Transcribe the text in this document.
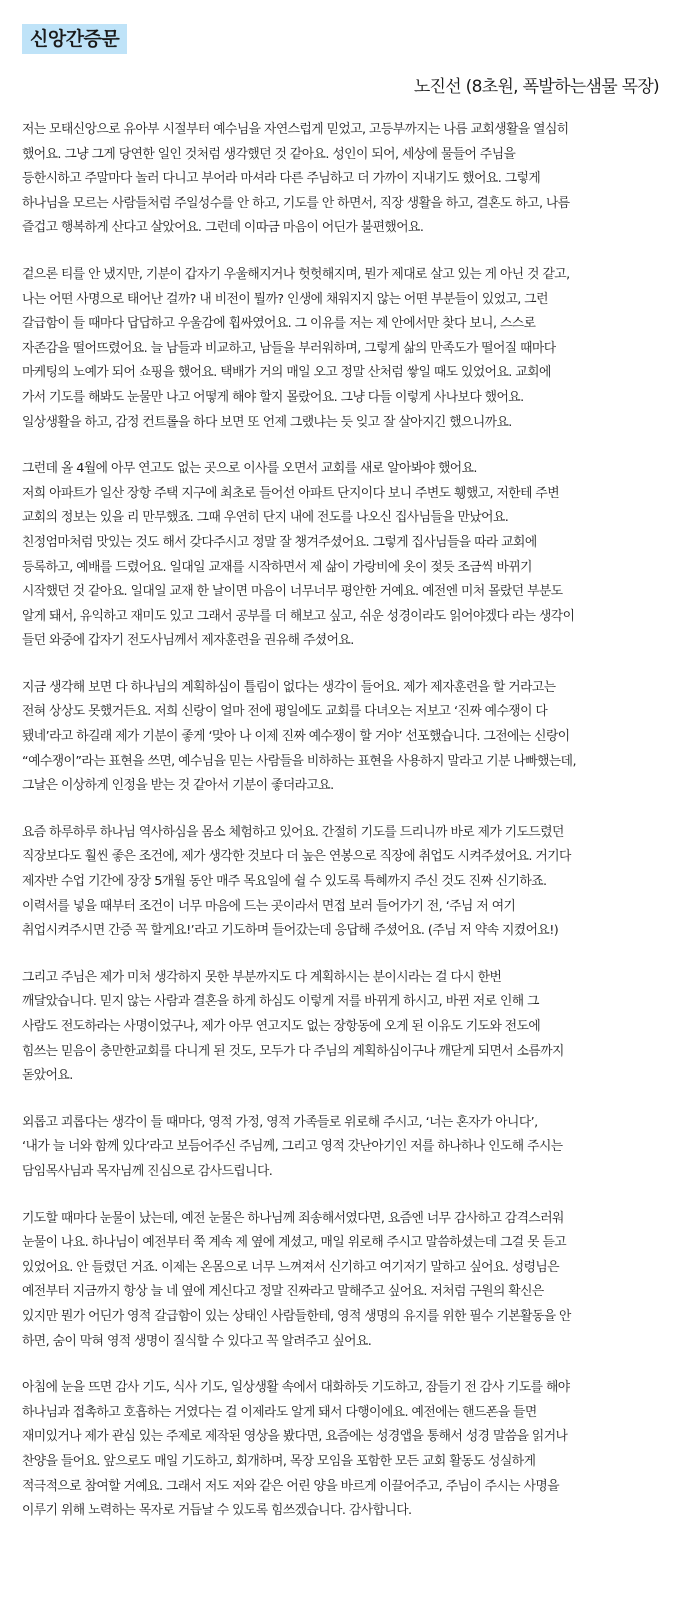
신앙간증문
노진선 (8초원, 폭발하는샘물 목장)
저는 모태신앙으로 유아부 시절부터 예수님을 자연스럽게 믿었고, 고등부까지는 나름 교회생활을 열심히
했어요. 그냥 그게 당연한 일인 것처럼 생각했던 것 같아요. 성인이 되어, 세상에 물들어 주님을
등한시하고 주말마다 놀러 다니고 부어라 마셔라 다른 주님하고 더 가까이 지내기도 했어요. 그렇게
하나님을 모르는 사람들처럼 주일성수를 안 하고, 기도를 안 하면서, 직장 생활을 하고, 결혼도 하고, 나름
즐겁고 행복하게 산다고 살았어요. 그런데 이따금 마음이 어딘가 불편했어요.
겉으론 티를 안 냈지만, 기분이 갑자기 우울해지거나 헛헛해지며, 뭔가 제대로 살고 있는 게 아닌 것 같고,
나는 어떤 사명으로 태어난 걸까? 내 비전이 뭘까? 인생에 채워지지 않는 어떤 부분들이 있었고, 그런
갈급함이 들 때마다 답답하고 우울감에 휩싸였어요. 그 이유를 저는 제 안에서만 찾다 보니, 스스로
자존감을 떨어뜨렸어요. 늘 남들과 비교하고, 남들을 부러워하며, 그렇게 삶의 만족도가 떨어질 때마다
마케팅의 노예가 되어 쇼핑을 했어요. 택배가 거의 매일 오고 정말 산처럼 쌓일 때도 있었어요. 교회에
가서 기도를 해봐도 눈물만 나고 어떻게 해야 할지 몰랐어요. 그냥 다들 이렇게 사나보다 했어요.
일상생활을 하고, 감정 컨트롤을 하다 보면 또 언제 그랬냐는 듯 잊고 잘 살아지긴 했으니까요.
그런데 올 4월에 아무 연고도 없는 곳으로 이사를 오면서 교회를 새로 알아봐야 했어요.
저희 아파트가 일산 장항 주택 지구에 최초로 들어선 아파트 단지이다 보니 주변도 휑했고, 저한테 주변
교회의 정보는 있을 리 만무했죠. 그때 우연히 단지 내에 전도를 나오신 집사님들을 만났어요.
친정엄마처럼 맛있는 것도 해서 갖다주시고 정말 잘 챙겨주셨어요. 그렇게 집사님들을 따라 교회에
등록하고, 예배를 드렸어요. 일대일 교재를 시작하면서 제 삶이 가랑비에 옷이 젖듯 조금씩 바뀌기
시작했던 것 같아요. 일대일 교재 한 날이면 마음이 너무너무 평안한 거예요. 예전엔 미처 몰랐던 부분도
알게 돼서, 유익하고 재미도 있고 그래서 공부를 더 해보고 싶고, 쉬운 성경이라도 읽어야겠다 라는 생각이
들던 와중에 갑자기 전도사님께서 제자훈련을 권유해 주셨어요.
지금 생각해 보면 다 하나님의 계획하심이 틀림이 없다는 생각이 들어요. 제가 제자훈련을 할 거라고는
전혀 상상도 못했거든요. 저희 신랑이 얼마 전에 평일에도 교회를 다녀오는 저보고 ‘진짜 예수쟁이 다
됐네’라고 하길래 제가 기분이 좋게 ‘맞아 나 이제 진짜 예수쟁이 할 거야’ 선포했습니다. 그전에는 신랑이
“예수쟁이”라는 표현을 쓰면, 예수님을 믿는 사람들을 비하하는 표현을 사용하지 말라고 기분 나빠했는데,
그날은 이상하게 인정을 받는 것 같아서 기분이 좋더라고요.
요즘 하루하루 하나님 역사하심을 몸소 체험하고 있어요. 간절히 기도를 드리니까 바로 제가 기도드렸던
직장보다도 훨씬 좋은 조건에, 제가 생각한 것보다 더 높은 연봉으로 직장에 취업도 시켜주셨어요. 거기다
제자반 수업 기간에 장장 5개월 동안 매주 목요일에 쉴 수 있도록 특혜까지 주신 것도 진짜 신기하죠.
이력서를 넣을 때부터 조건이 너무 마음에 드는 곳이라서 면접 보러 들어가기 전, ‘주님 저 여기
취업시켜주시면 간증 꼭 할게요!’라고 기도하며 들어갔는데 응답해 주셨어요. (주님 저 약속 지켰어요!)
그리고 주님은 제가 미처 생각하지 못한 부분까지도 다 계획하시는 분이시라는 걸 다시 한번
깨달았습니다. 믿지 않는 사람과 결혼을 하게 하심도 이렇게 저를 바뀌게 하시고, 바뀐 저로 인해 그
사람도 전도하라는 사명이었구나, 제가 아무 연고지도 없는 장항동에 오게 된 이유도 기도와 전도에
힘쓰는 믿음이 충만한교회를 다니게 된 것도, 모두가 다 주님의 계획하심이구나 깨닫게 되면서 소름까지
돋았어요.
외롭고 괴롭다는 생각이 들 때마다, 영적 가정, 영적 가족들로 위로해 주시고, ‘너는 혼자가 아니다’,
‘내가 늘 너와 함께 있다’라고 보듬어주신 주님께, 그리고 영적 갓난아기인 저를 하나하나 인도해 주시는
담임목사님과 목자님께 진심으로 감사드립니다.
기도할 때마다 눈물이 났는데, 예전 눈물은 하나님께 죄송해서였다면, 요즘엔 너무 감사하고 감격스러워
눈물이 나요. 하나님이 예전부터 쭉 계속 제 옆에 계셨고, 매일 위로해 주시고 말씀하셨는데 그걸 못 듣고
있었어요. 안 들렸던 거죠. 이제는 온몸으로 너무 느껴져서 신기하고 여기저기 말하고 싶어요. 성령님은
예전부터 지금까지 항상 늘 네 옆에 계신다고 정말 진짜라고 말해주고 싶어요. 저처럼 구원의 확신은
있지만 뭔가 어딘가 영적 갈급함이 있는 상태인 사람들한테, 영적 생명의 유지를 위한 필수 기본활동을 안
하면, 숨이 막혀 영적 생명이 질식할 수 있다고 꼭 알려주고 싶어요.
아침에 눈을 뜨면 감사 기도, 식사 기도, 일상생활 속에서 대화하듯 기도하고, 잠들기 전 감사 기도를 해야
하나님과 접촉하고 호흡하는 거였다는 걸 이제라도 알게 돼서 다행이에요. 예전에는 핸드폰을 들면
재미있거나 제가 관심 있는 주제로 제작된 영상을 봤다면, 요즘에는 성경앱을 통해서 성경 말씀을 읽거나
찬양을 들어요. 앞으로도 매일 기도하고, 회개하며, 목장 모임을 포함한 모든 교회 활동도 성실하게
적극적으로 참여할 거예요. 그래서 저도 저와 같은 어린 양을 바르게 이끌어주고, 주님이 주시는 사명을
이루기 위해 노력하는 목자로 거듭날 수 있도록 힘쓰겠습니다. 감사합니다.
